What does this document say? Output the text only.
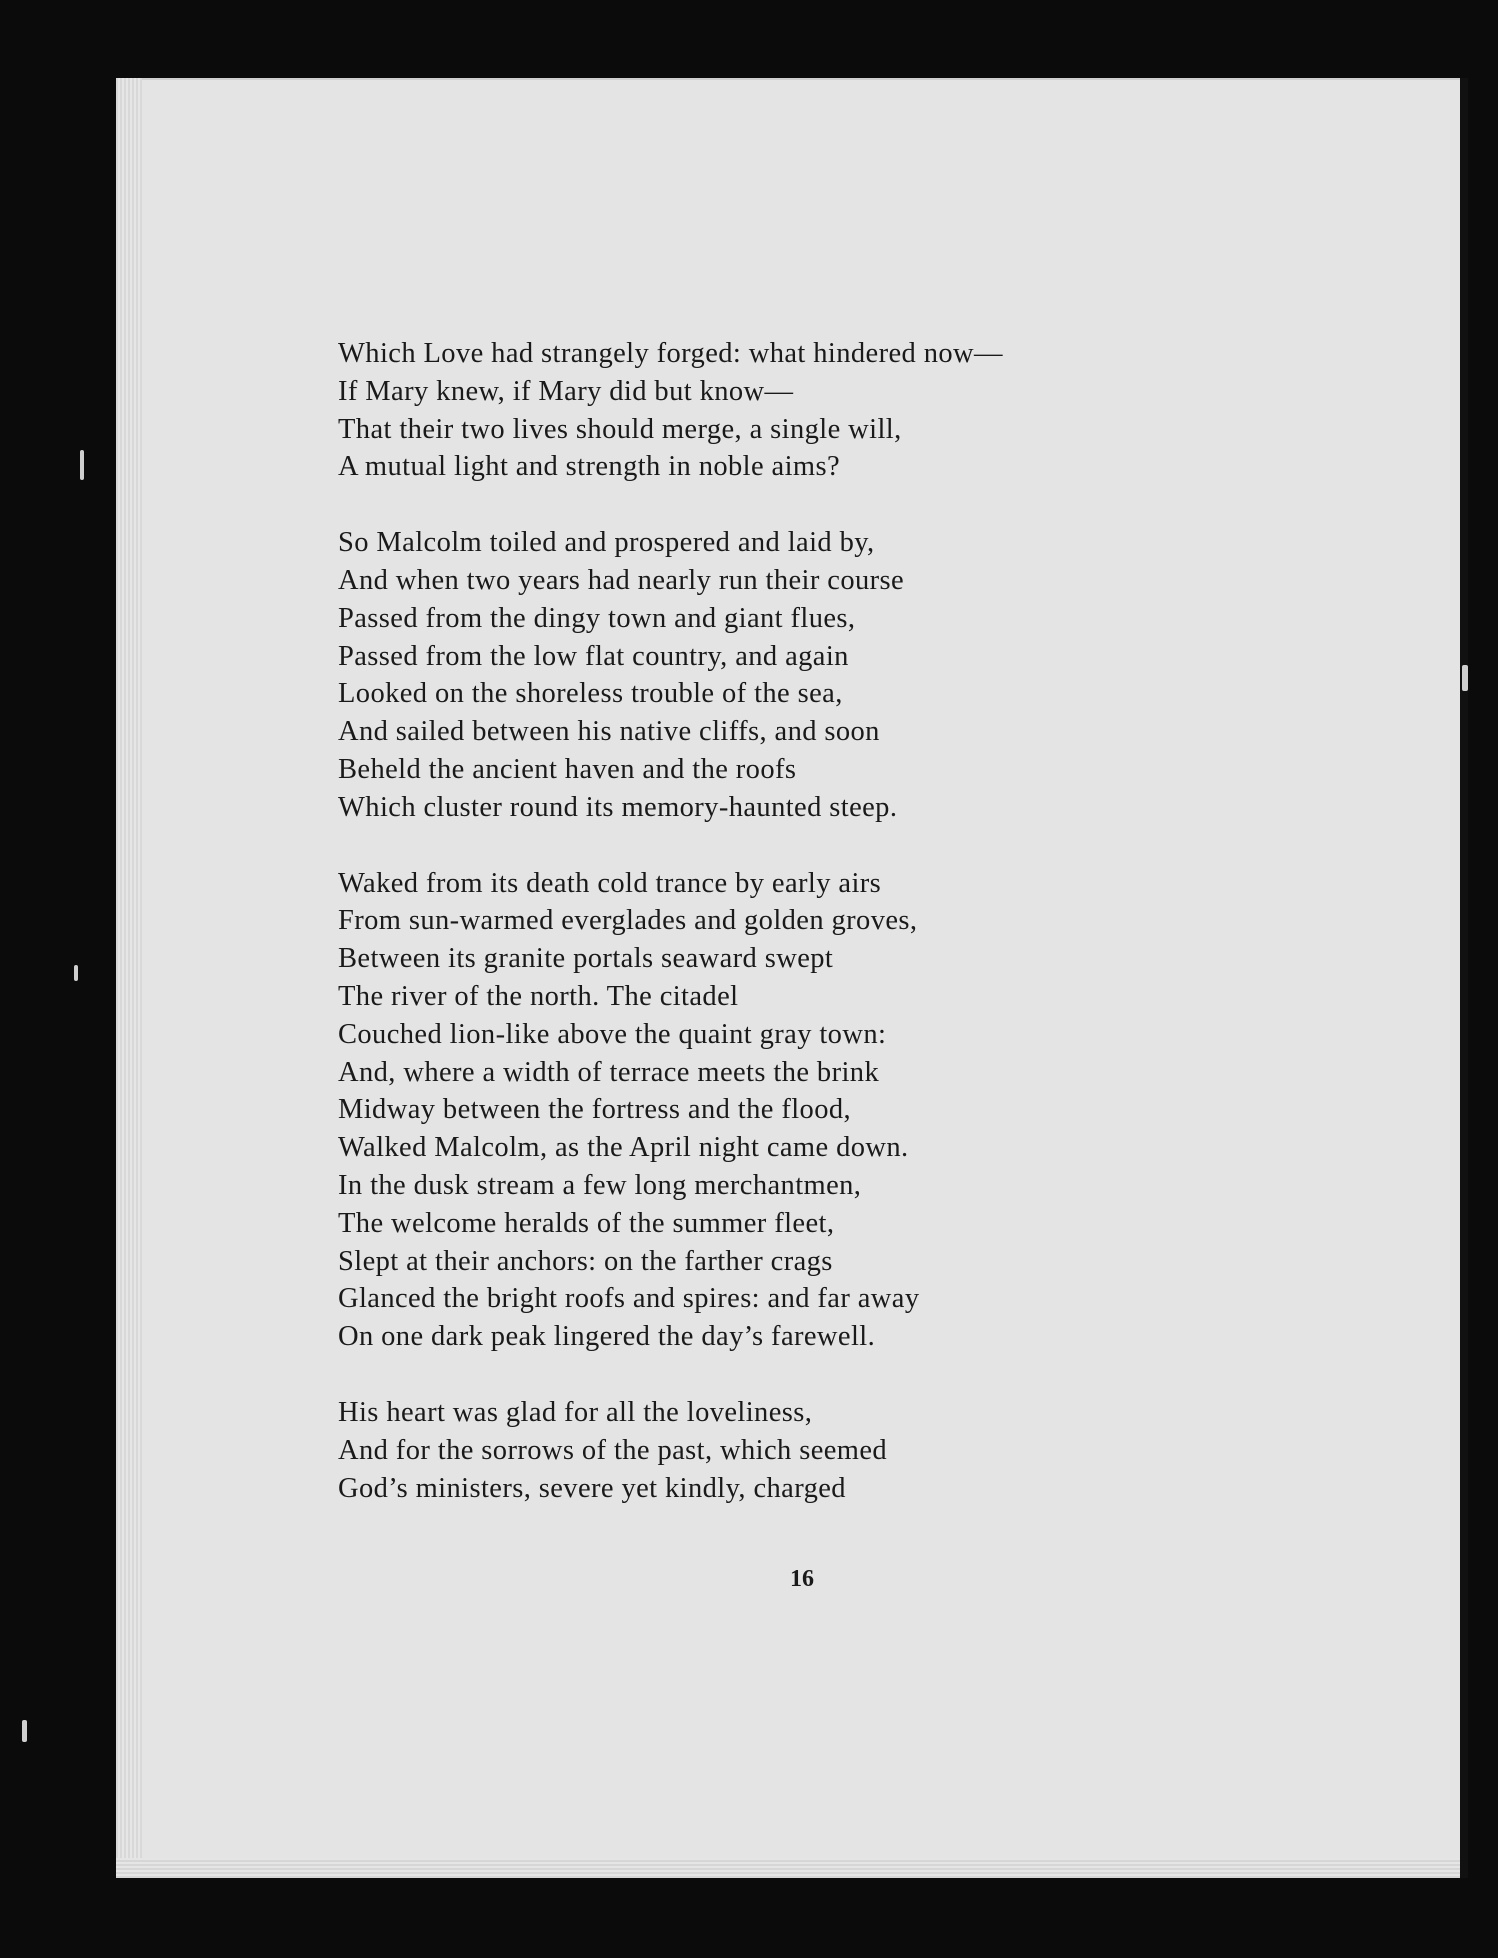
Which Love had strangely forged: what hindered now—
If Mary knew, if Mary did but know—
That their two lives should merge, a single will,
A mutual light and strength in noble aims?
So Malcolm toiled and prospered and laid by,
And when two years had nearly run their course
Passed from the dingy town and giant flues,
Passed from the low flat country, and again
Looked on the shoreless trouble of the sea,
And sailed between his native cliffs, and soon
Beheld the ancient haven and the roofs
Which cluster round its memory-haunted steep.
Waked from its death cold trance by early airs
From sun-warmed everglades and golden groves,
Between its granite portals seaward swept
The river of the north. The citadel
Couched lion-like above the quaint gray town:
And, where a width of terrace meets the brink
Midway between the fortress and the flood,
Walked Malcolm, as the April night came down.
In the dusk stream a few long merchantmen,
The welcome heralds of the summer fleet,
Slept at their anchors: on the farther crags
Glanced the bright roofs and spires: and far away
On one dark peak lingered the day’s farewell.
His heart was glad for all the loveliness,
And for the sorrows of the past, which seemed
God’s ministers, severe yet kindly, charged
16
